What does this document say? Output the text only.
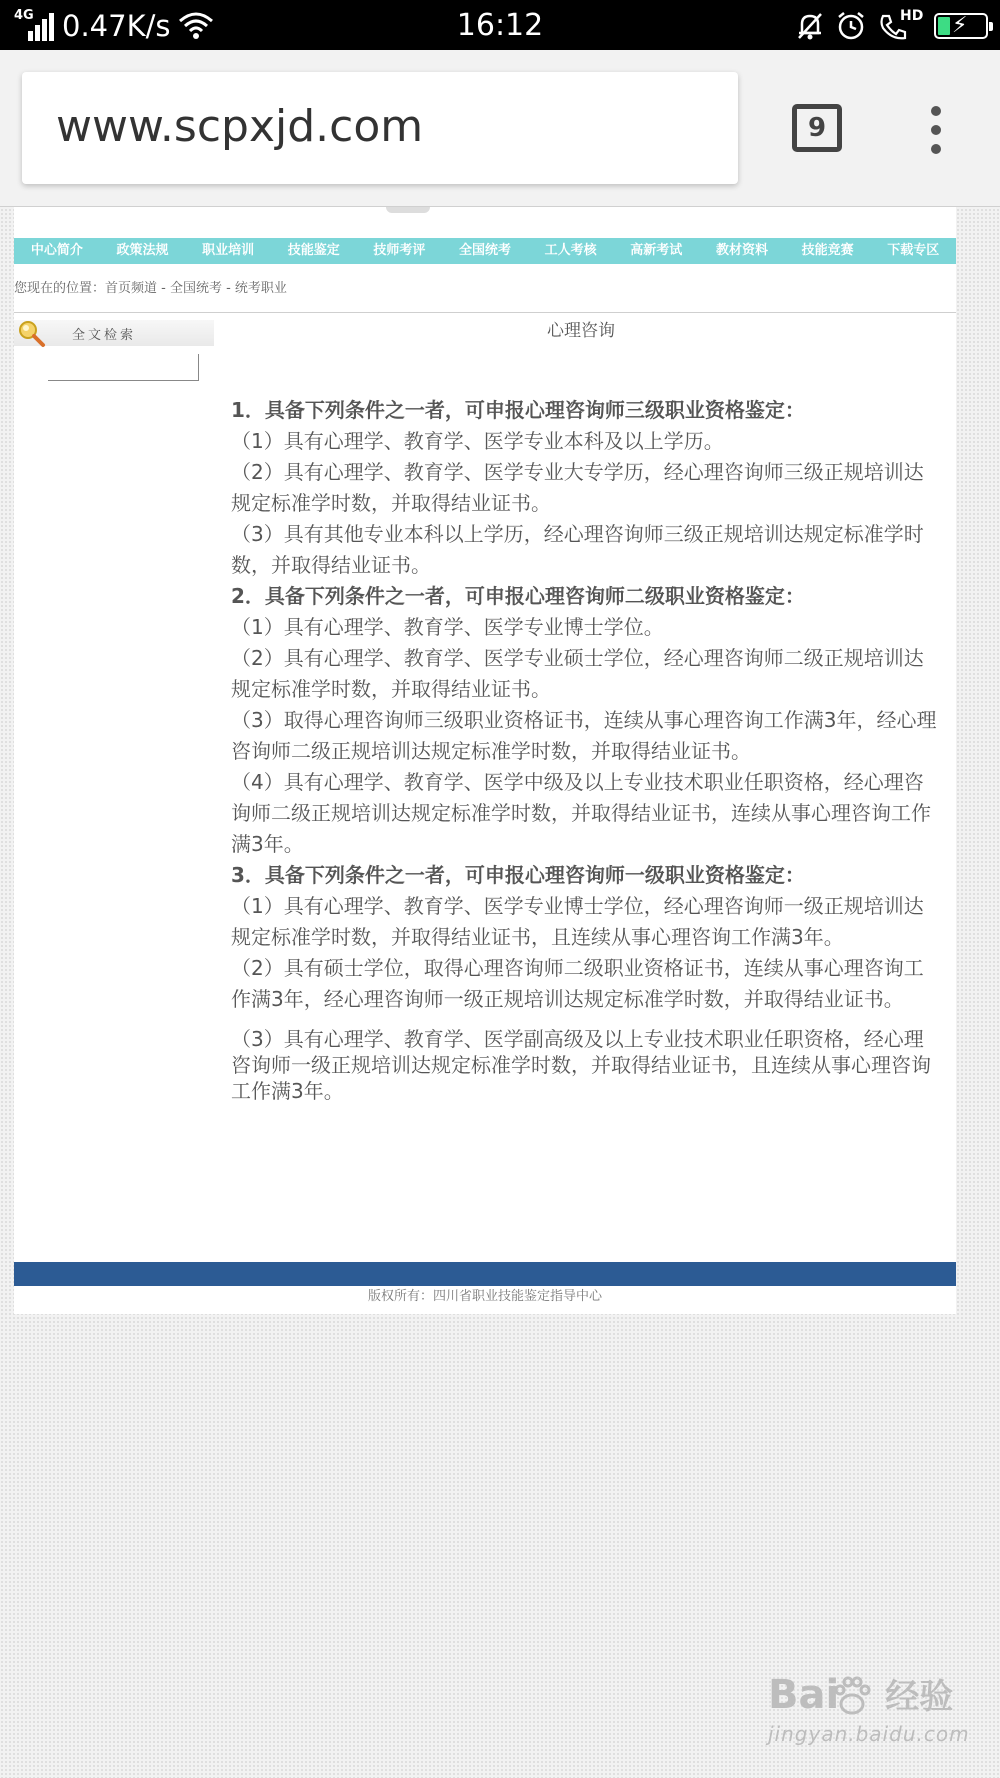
4G 0.47K/s	16:12	HD ⚡
www.scpxjd.com	9
中心简介	政策法规	职业培训	技能鉴定	技师考评	全国统考	工人考核	高新考试	教材资料	技能竞赛	下载专区
您现在的位置：首页频道 - 全国统考 - 统考职业
全文检索	心理咨询

1．具备下列条件之一者，可申报心理咨询师三级职业资格鉴定：

（1）具有心理学、教育学、医学专业本科及以上学历。

（2）具有心理学、教育学、医学专业大专学历，经心理咨询师三级正规培训达规定标准学时数，并取得结业证书。

（3）具有其他专业本科以上学历，经心理咨询师三级正规培训达规定标准学时数，并取得结业证书。

2．具备下列条件之一者，可申报心理咨询师二级职业资格鉴定：

（1）具有心理学、教育学、医学专业博士学位。

（2）具有心理学、教育学、医学专业硕士学位，经心理咨询师二级正规培训达规定标准学时数，并取得结业证书。

（3）取得心理咨询师三级职业资格证书，连续从事心理咨询工作满3年，经心理咨询师二级正规培训达规定标准学时数，并取得结业证书。

（4）具有心理学、教育学、医学中级及以上专业技术职业任职资格，经心理咨询师二级正规培训达规定标准学时数，并取得结业证书，连续从事心理咨询工作满3年。

3．具备下列条件之一者，可申报心理咨询师一级职业资格鉴定：

（1）具有心理学、教育学、医学专业博士学位，经心理咨询师一级正规培训达规定标准学时数，并取得结业证书，且连续从事心理咨询工作满3年。

（2）具有硕士学位，取得心理咨询师二级职业资格证书，连续从事心理咨询工作满3年，经心理咨询师一级正规培训达规定标准学时数，并取得结业证书。

（3）具有心理学、教育学、医学副高级及以上专业技术职业任职资格，经心理咨询师一级正规培训达规定标准学时数，并取得结业证书，且连续从事心理咨询工作满3年。

版权所有：四川省职业技能鉴定指导中心
Bai 经验
jingyan.baidu.com
